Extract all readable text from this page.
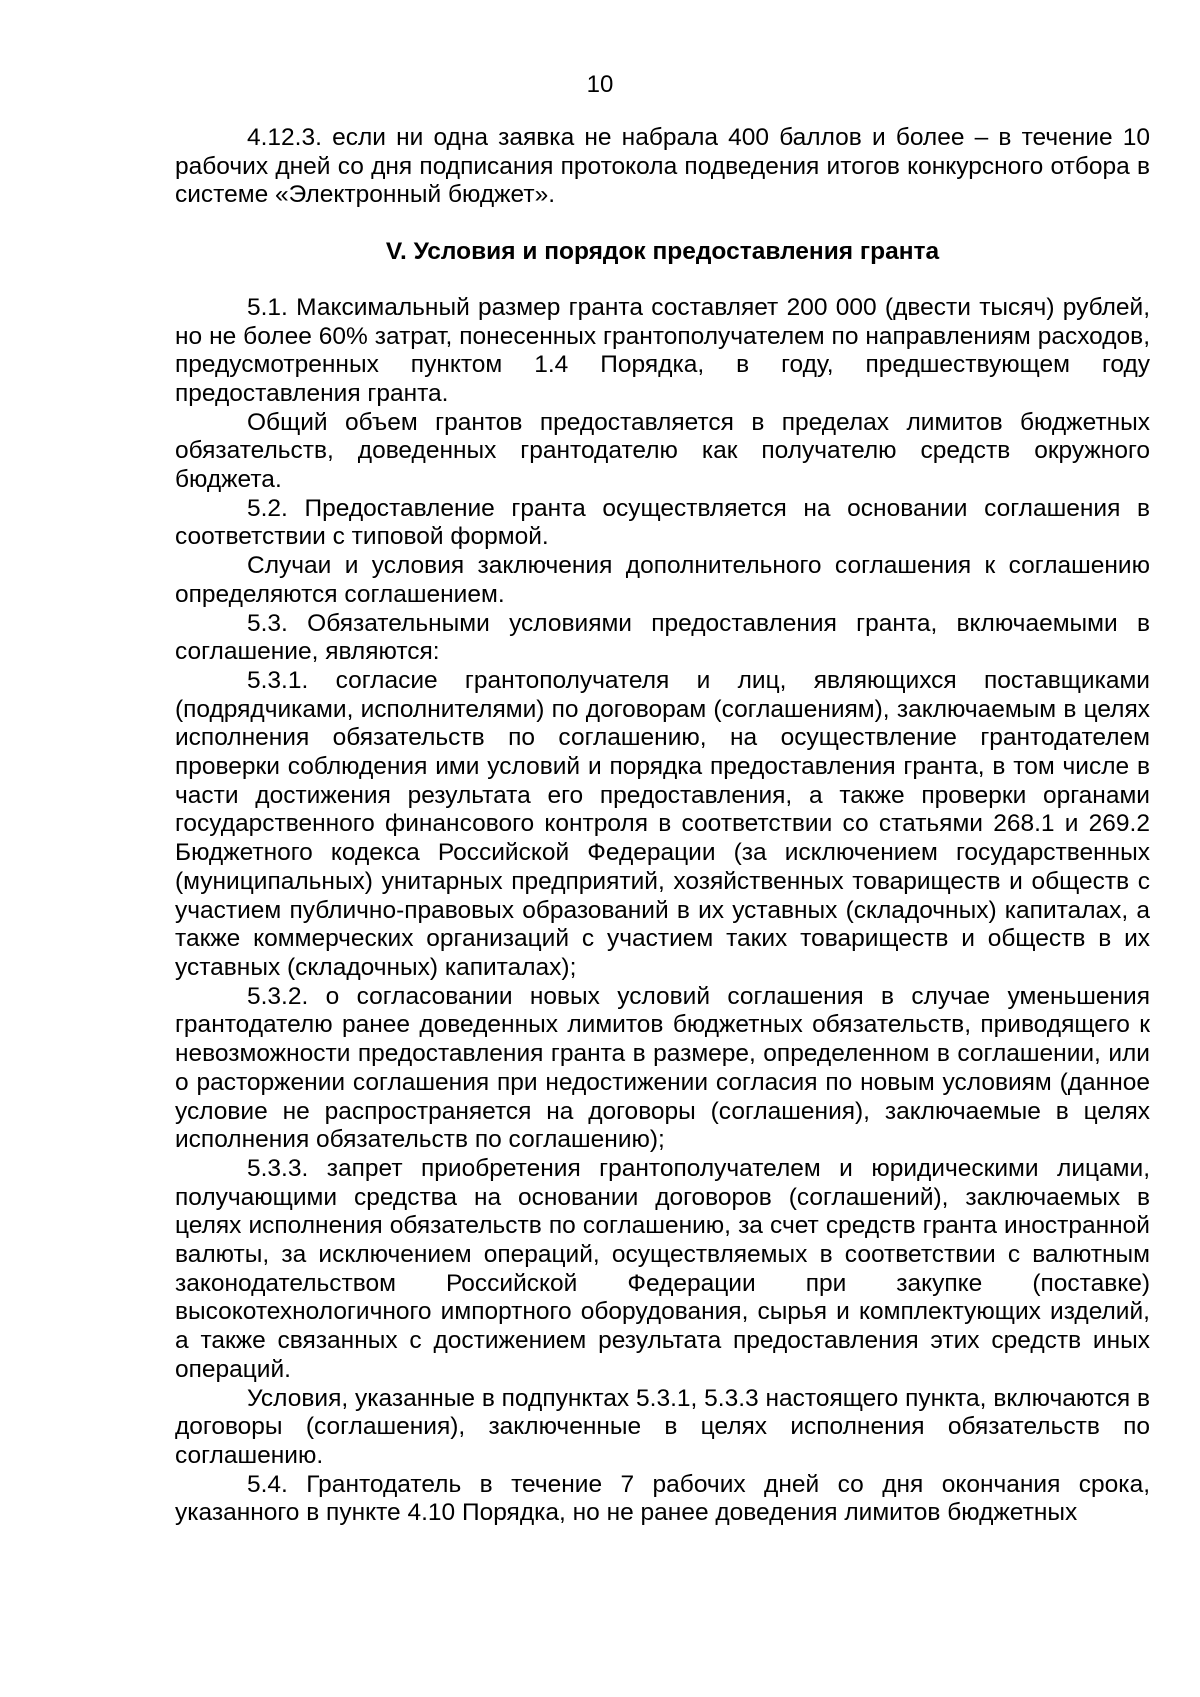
10

4.12.3. если ни одна заявка не набрала 400 баллов и более – в течение 10 рабочих дней со дня подписания протокола подведения итогов конкурсного отбора в системе «Электронный бюджет».

V. Условия и порядок предоставления гранта

5.1. Максимальный размер гранта составляет 200 000 (двести тысяч) рублей, но не более 60% затрат, понесенных грантополучателем по направлениям расходов, предусмотренных пунктом 1.4 Порядка, в году, предшествующем году предоставления гранта.

Общий объем грантов предоставляется в пределах лимитов бюджетных обязательств, доведенных грантодателю как получателю средств окружного бюджета.

5.2. Предоставление гранта осуществляется на основании соглашения в соответствии с типовой формой.

Случаи и условия заключения дополнительного соглашения к соглашению определяются соглашением.

5.3. Обязательными условиями предоставления гранта, включаемыми в соглашение, являются:

5.3.1. согласие грантополучателя и лиц, являющихся поставщиками (подрядчиками, исполнителями) по договорам (соглашениям), заключаемым в целях исполнения обязательств по соглашению, на осуществление грантодателем проверки соблюдения ими условий и порядка предоставления гранта, в том числе в части достижения результата его предоставления, а также проверки органами государственного финансового контроля в соответствии со статьями 268.1 и 269.2 Бюджетного кодекса Российской Федерации (за исключением государственных (муниципальных) унитарных предприятий, хозяйственных товариществ и обществ с участием публично-правовых образований в их уставных (складочных) капиталах, а также коммерческих организаций с участием таких товариществ и обществ в их уставных (складочных) капиталах);

5.3.2. о согласовании новых условий соглашения в случае уменьшения грантодателю ранее доведенных лимитов бюджетных обязательств, приводящего к невозможности предоставления гранта в размере, определенном в соглашении, или о расторжении соглашения при недостижении согласия по новым условиям (данное условие не распространяется на договоры (соглашения), заключаемые в целях исполнения обязательств по соглашению);

5.3.3. запрет приобретения грантополучателем и юридическими лицами, получающими средства на основании договоров (соглашений), заключаемых в целях исполнения обязательств по соглашению, за счет средств гранта иностранной валюты, за исключением операций, осуществляемых в соответствии с валютным законодательством Российской Федерации при закупке (поставке) высокотехнологичного импортного оборудования, сырья и комплектующих изделий, а также связанных с достижением результата предоставления этих средств иных операций.

Условия, указанные в подпунктах 5.3.1, 5.3.3 настоящего пункта, включаются в договоры (соглашения), заключенные в целях исполнения обязательств по соглашению.

5.4. Грантодатель в течение 7 рабочих дней со дня окончания срока, указанного в пункте 4.10 Порядка, но не ранее доведения лимитов бюджетных
